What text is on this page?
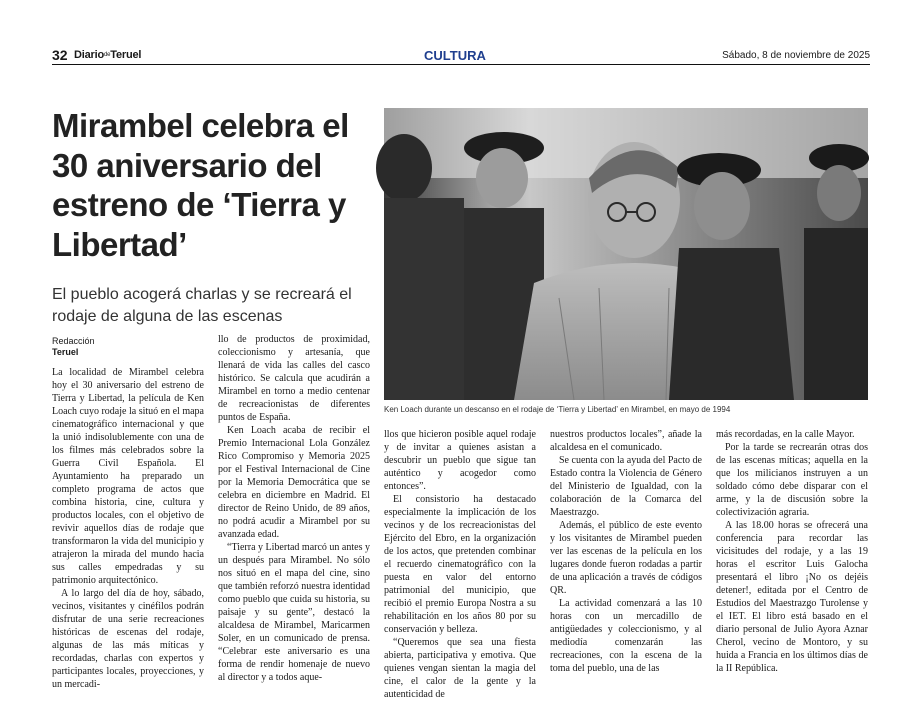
32 DiariodeTeruel	CULTURA	Sábado, 8 de noviembre de 2025
Mirambel celebra el 30 aniversario del estreno de ‘Tierra y Libertad’

El pueblo acogerá charlas y se recreará el rodaje de alguna de las escenas

Redacción
Teruel
Ken Loach durante un descanso en el rodaje de ‘Tierra y Libertad’ en Mirambel, en mayo de 1994

La localidad de Mirambel celebra hoy el 30 aniversario del estreno de Tierra y Libertad, la película de Ken Loach cuyo rodaje la situó en el mapa cinematográfico internacional y que la unió indisolublemente con una de los filmes más celebrados sobre la Guerra Civil Española. El Ayuntamiento ha preparado un completo programa de actos que combina historia, cine, cultura y productos locales, con el objetivo de revivir aquellos días de rodaje que transformaron la vida del municipio y atrajeron la mirada del mundo hacia sus calles empedradas y su patrimonio arquitectónico.

A lo largo del día de hoy, sábado, vecinos, visitantes y cinéfilos podrán disfrutar de una serie recreaciones históricas de escenas del rodaje, algunas de las más míticas y recordadas, charlas con expertos y participantes locales, proyecciones, y un mercadi-

llo de productos de proximidad, coleccionismo y artesanía, que llenará de vida las calles del casco histórico. Se calcula que acudirán a Mirambel en torno a medio centenar de recreacionistas de diferentes puntos de España.

Ken Loach acaba de recibir el Premio Internacional Lola González Rico Compromiso y Memoria 2025 por el Festival Internacional de Cine por la Memoria Democrática que se celebra en diciembre en Madrid. El director de Reino Unido, de 89 años, no podrá acudir a Mirambel por su avanzada edad.

“Tierra y Libertad marcó un antes y un después para Mirambel. No sólo nos situó en el mapa del cine, sino que también reforzó nuestra identidad como pueblo que cuida su historia, su paisaje y su gente”, destacó la alcaldesa de Mirambel, Maricarmen Soler, en un comunicado de prensa. “Celebrar este aniversario es una forma de rendir homenaje de nuevo al director y a todos aque-

llos que hicieron posible aquel rodaje y de invitar a quienes asistan a descubrir un pueblo que sigue tan auténtico y acogedor como entonces”.

El consistorio ha destacado especialmente la implicación de los vecinos y de los recreacionistas del Ejército del Ebro, en la organización de los actos, que pretenden combinar el recuerdo cinematográfico con la puesta en valor del entorno patrimonial del municipio, que recibió el premio Europa Nostra a su rehabilitación en los años 80 por su conservación y belleza.

“Queremos que sea una fiesta abierta, participativa y emotiva. Que quienes vengan sientan la magia del cine, el calor de la gente y la autenticidad de

nuestros productos locales”, añade la alcaldesa en el comunicado.

Se cuenta con la ayuda del Pacto de Estado contra la Violencia de Género del Ministerio de Igualdad, con la colaboración de la Comarca del Maestrazgo.

Además, el público de este evento y los visitantes de Mirambel pueden ver las escenas de la película en los lugares donde fueron rodadas a partir de una aplicación a través de códigos QR.

La actividad comenzará a las 10 horas con un mercadillo de antigüedades y coleccionismo, y al mediodía comenzarán las recreaciones, con la escena de la toma del pueblo, una de las

más recordadas, en la calle Mayor.

Por la tarde se recrearán otras dos de las escenas míticas; aquella en la que los milicianos instruyen a un soldado cómo debe disparar con el arme, y la de discusión sobre la colectivización agraria.

A las 18.00 horas se ofrecerá una conferencia para recordar las vicisitudes del rodaje, y a las 19 horas el escritor Luis Galocha presentará el libro ¡No os dejéis detener!, editada por el Centro de Estudios del Maestrazgo Turolense y el IET. El libro está basado en el diario personal de Julio Ayora Aznar Cherol, vecino de Montoro, y su huida a Francia en los últimos días de la II República.
